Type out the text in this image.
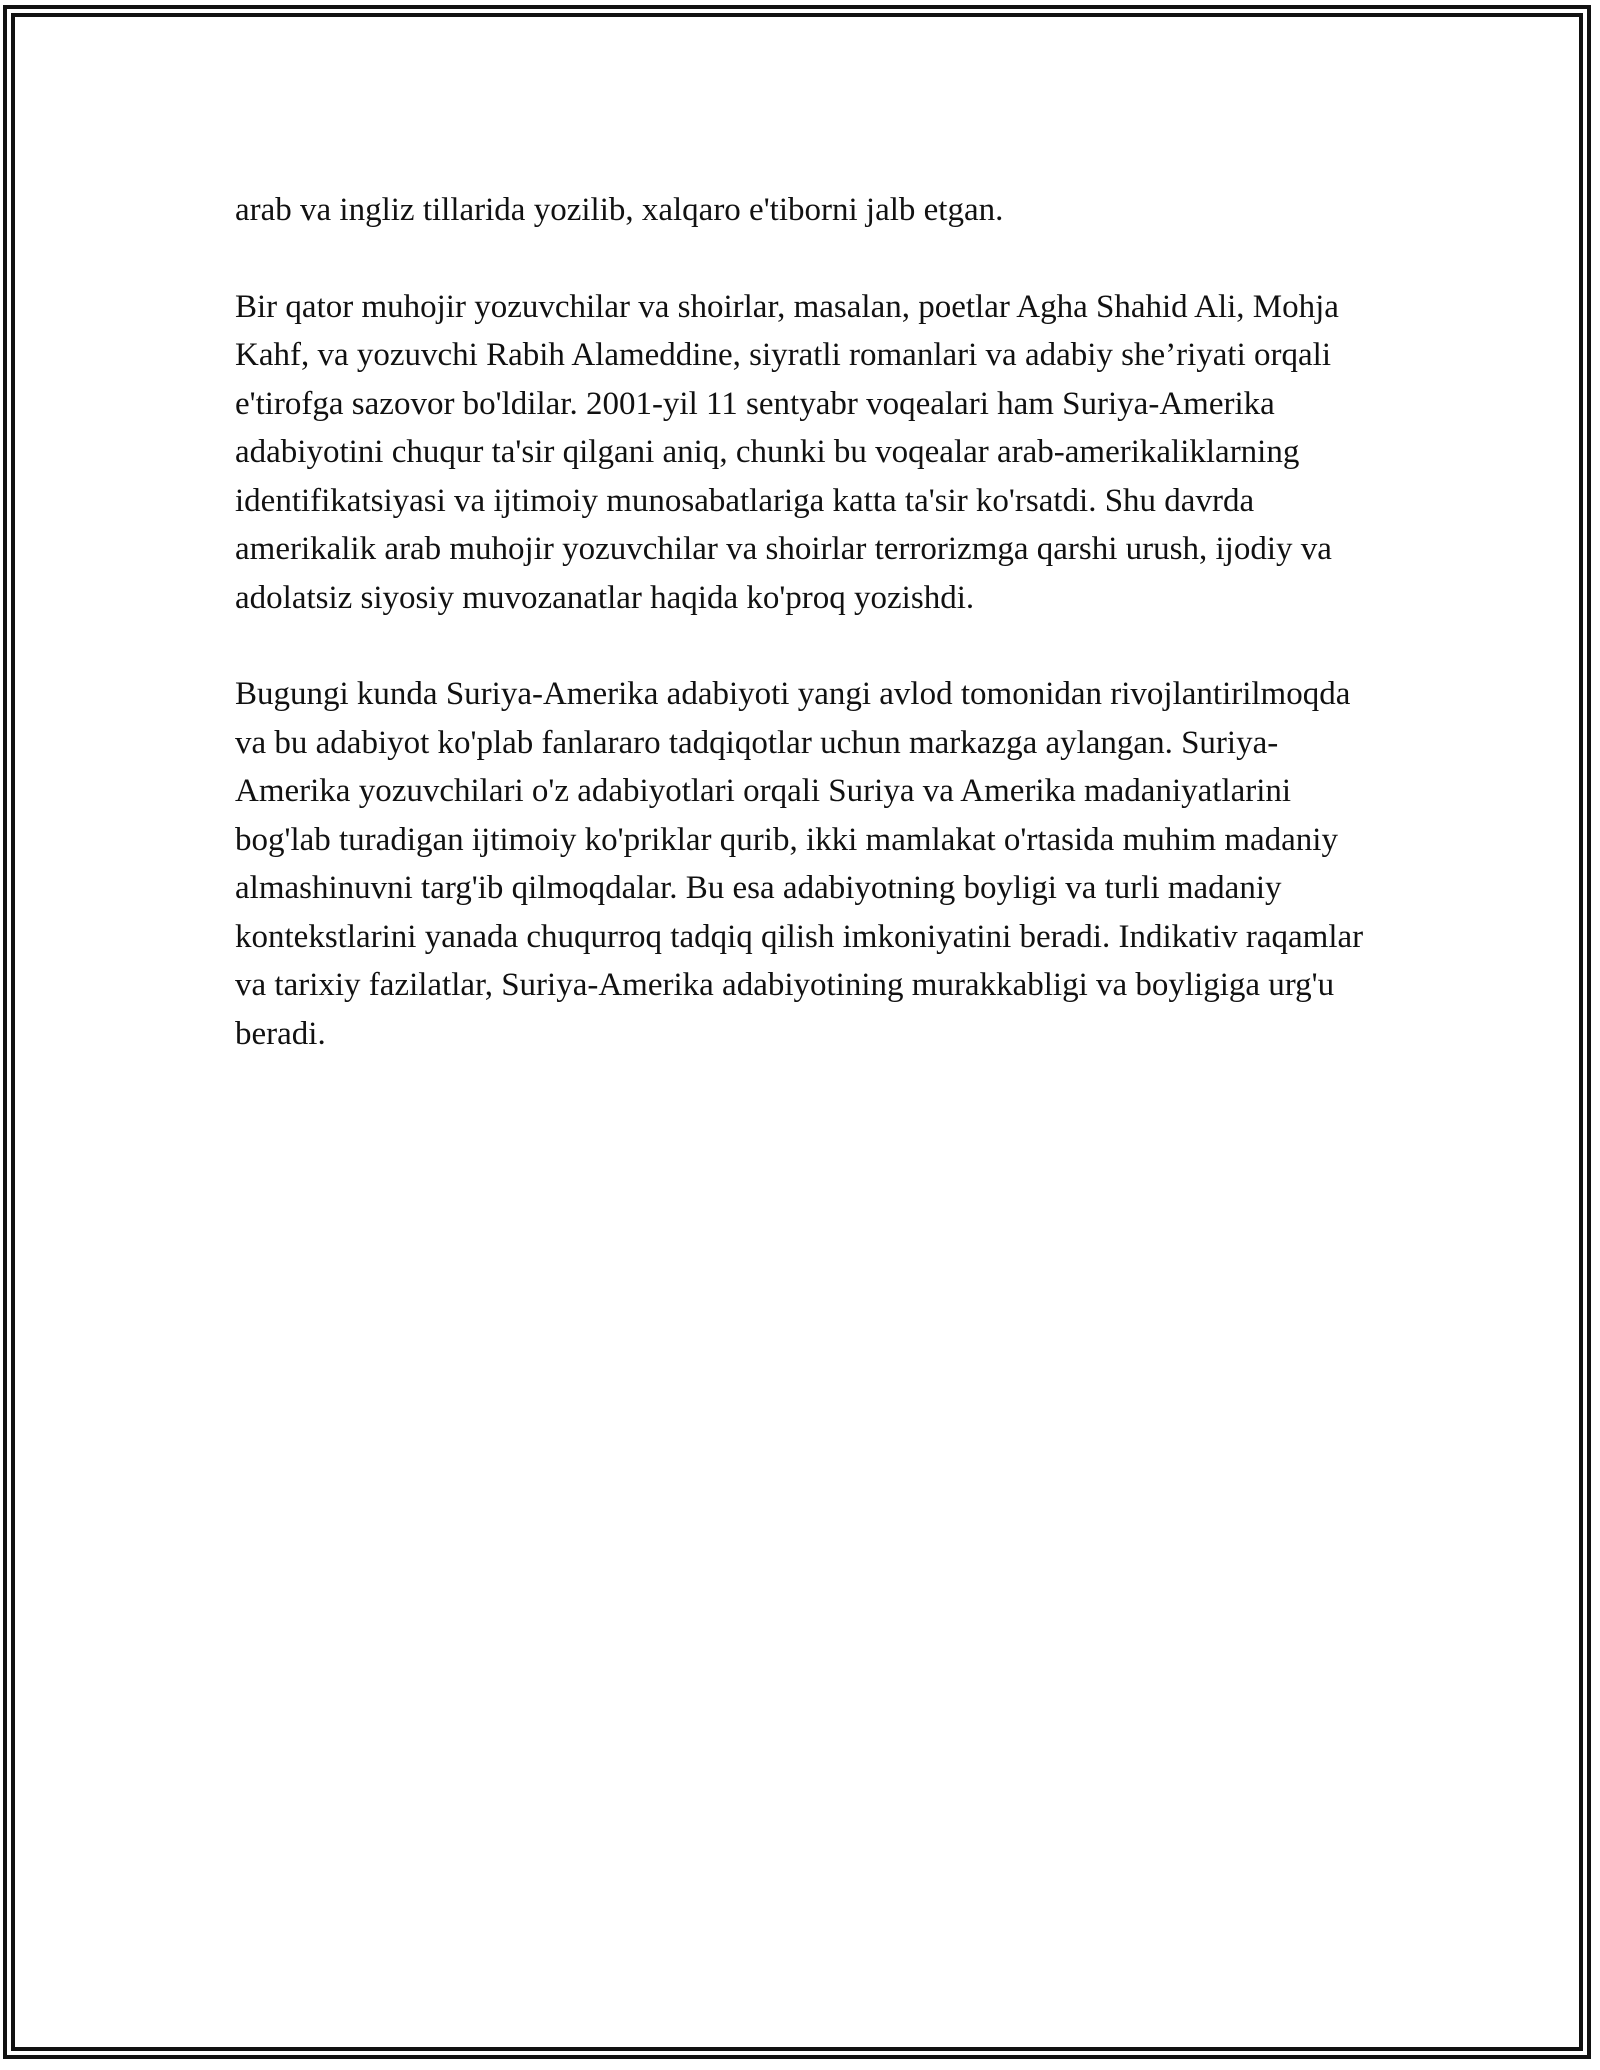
arab va ingliz tillarida yozilib, xalqaro e'tiborni jalb etgan.

Bir qator muhojir yozuvchilar va shoirlar, masalan, poetlar Agha Shahid Ali, Mohja Kahf, va yozuvchi Rabih Alameddine, siyratli romanlari va adabiy she’riyati orqali e'tirofga sazovor bo'ldilar. 2001-yil 11 sentyabr voqealari ham Suriya-Amerika adabiyotini chuqur ta'sir qilgani aniq, chunki bu voqealar arab-amerikaliklarning identifikatsiyasi va ijtimoiy munosabatlariga katta ta'sir ko'rsatdi. Shu davrda amerikalik arab muhojir yozuvchilar va shoirlar terrorizmga qarshi urush, ijodiy va adolatsiz siyosiy muvozanatlar haqida ko'proq yozishdi.

Bugungi kunda Suriya-Amerika adabiyoti yangi avlod tomonidan rivojlantirilmoqda va bu adabiyot ko'plab fanlararo tadqiqotlar uchun markazga aylangan. Suriya-Amerika yozuvchilari o'z adabiyotlari orqali Suriya va Amerika madaniyatlarini bog'lab turadigan ijtimoiy ko'priklar qurib, ikki mamlakat o'rtasida muhim madaniy almashinuvni targ'ib qilmoqdalar. Bu esa adabiyotning boyligi va turli madaniy kontekstlarini yanada chuqurroq tadqiq qilish imkoniyatini beradi. Indikativ raqamlar va tarixiy fazilatlar, Suriya-Amerika adabiyotining murakkabligi va boyligiga urg'u beradi.
